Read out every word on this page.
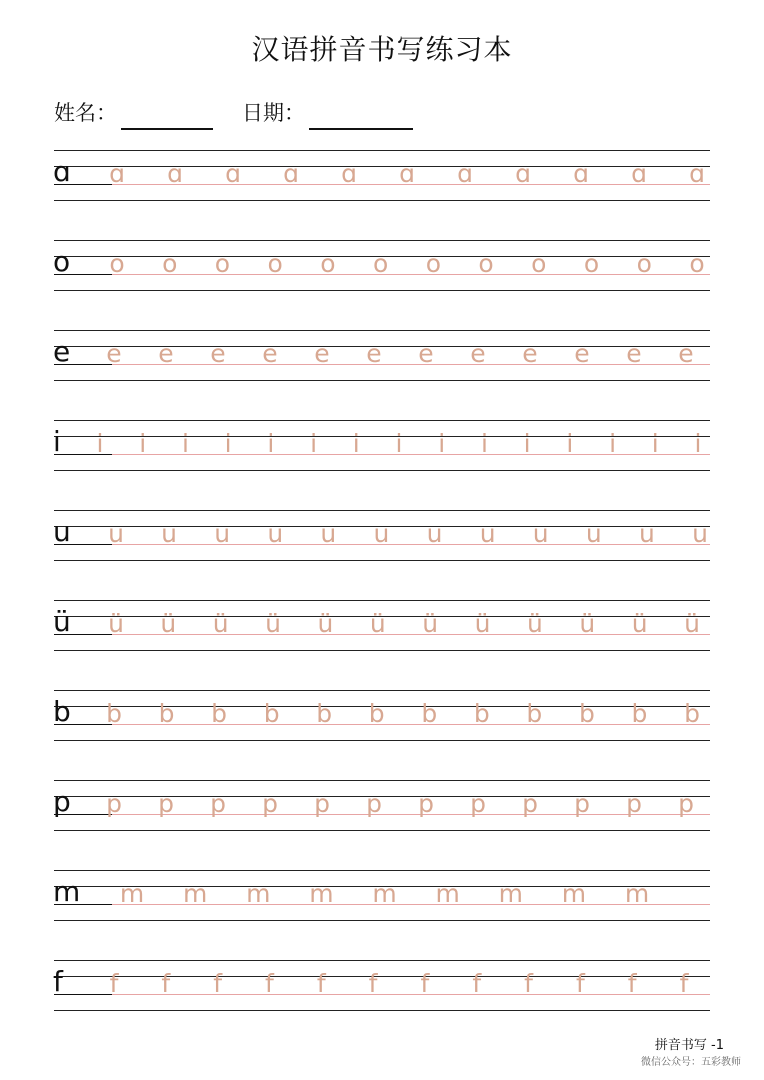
汉语拼音书写练习本
姓名：	日期：
ɑ ɑ ɑ ɑ ɑ ɑ ɑ ɑ ɑ ɑ ɑ ɑ
o o o o o o o o o o o o o
e e e e e e e e e e e e e
i i i i i i i i i i i i i i i i
u u u u u u u u u u u u u
ü ü ü ü ü ü ü ü ü ü ü ü ü
b b b b b b b b b b b b b
p p p p p p p p p p p p p
m m m m m m m m m m
f f f f f f f f f f f f f
拼音书写 -1
微信公众号：五彩教师
